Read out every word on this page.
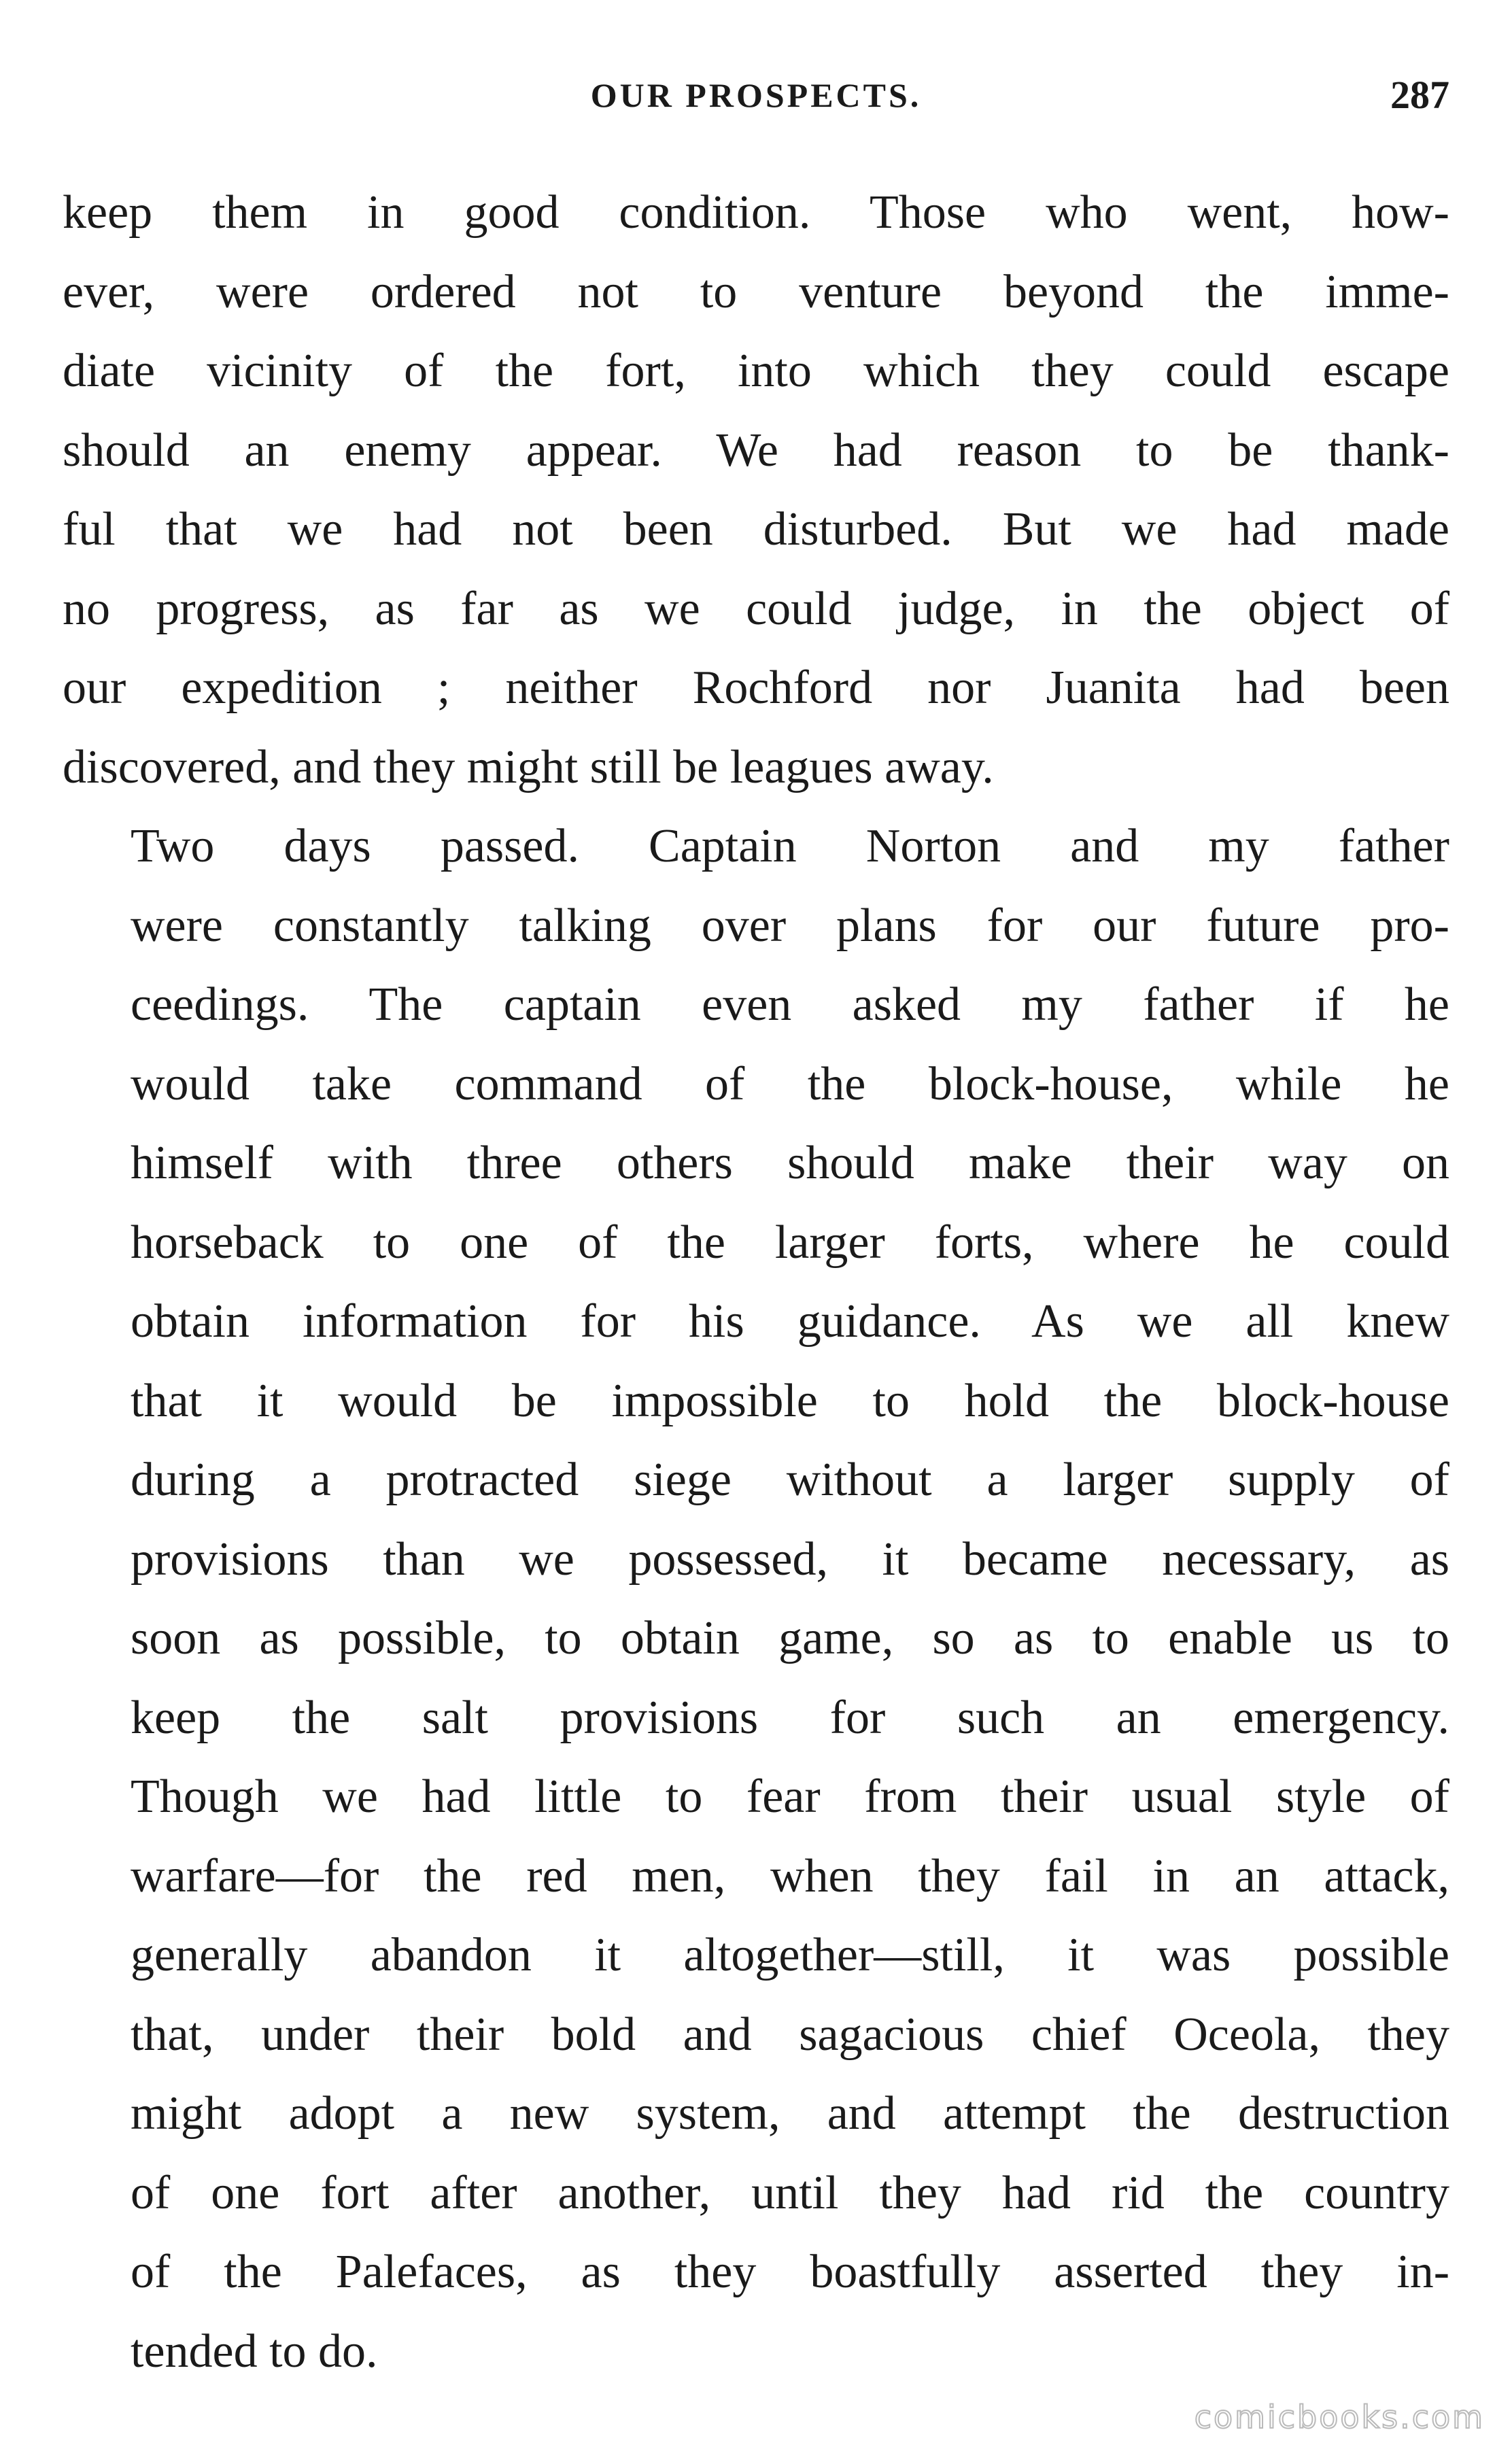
OUR PROSPECTS.	287

keep them in good condition. Those who went, how-
ever, were ordered not to venture beyond the imme-
diate vicinity of the fort, into which they could escape
should an enemy appear. We had reason to be thank-
ful that we had not been disturbed. But we had made
no progress, as far as we could judge, in the object of
our expedition ; neither Rochford nor Juanita had been
discovered, and they might still be leagues away.

Two days passed. Captain Norton and my father
were constantly talking over plans for our future pro-
ceedings. The captain even asked my father if he
would take command of the block-house, while he
himself with three others should make their way on
horseback to one of the larger forts, where he could
obtain information for his guidance. As we all knew
that it would be impossible to hold the block-house
during a protracted siege without a larger supply of
provisions than we possessed, it became necessary, as
soon as possible, to obtain game, so as to enable us to
keep the salt provisions for such an emergency.
Though we had little to fear from their usual style of
warfare—for the red men, when they fail in an attack,
generally abandon it altogether—still, it was possible
that, under their bold and sagacious chief Oceola, they
might adopt a new system, and attempt the destruction
of one fort after another, until they had rid the country
of the Palefaces, as they boastfully asserted they in-
tended to do.

comicbooks.com
